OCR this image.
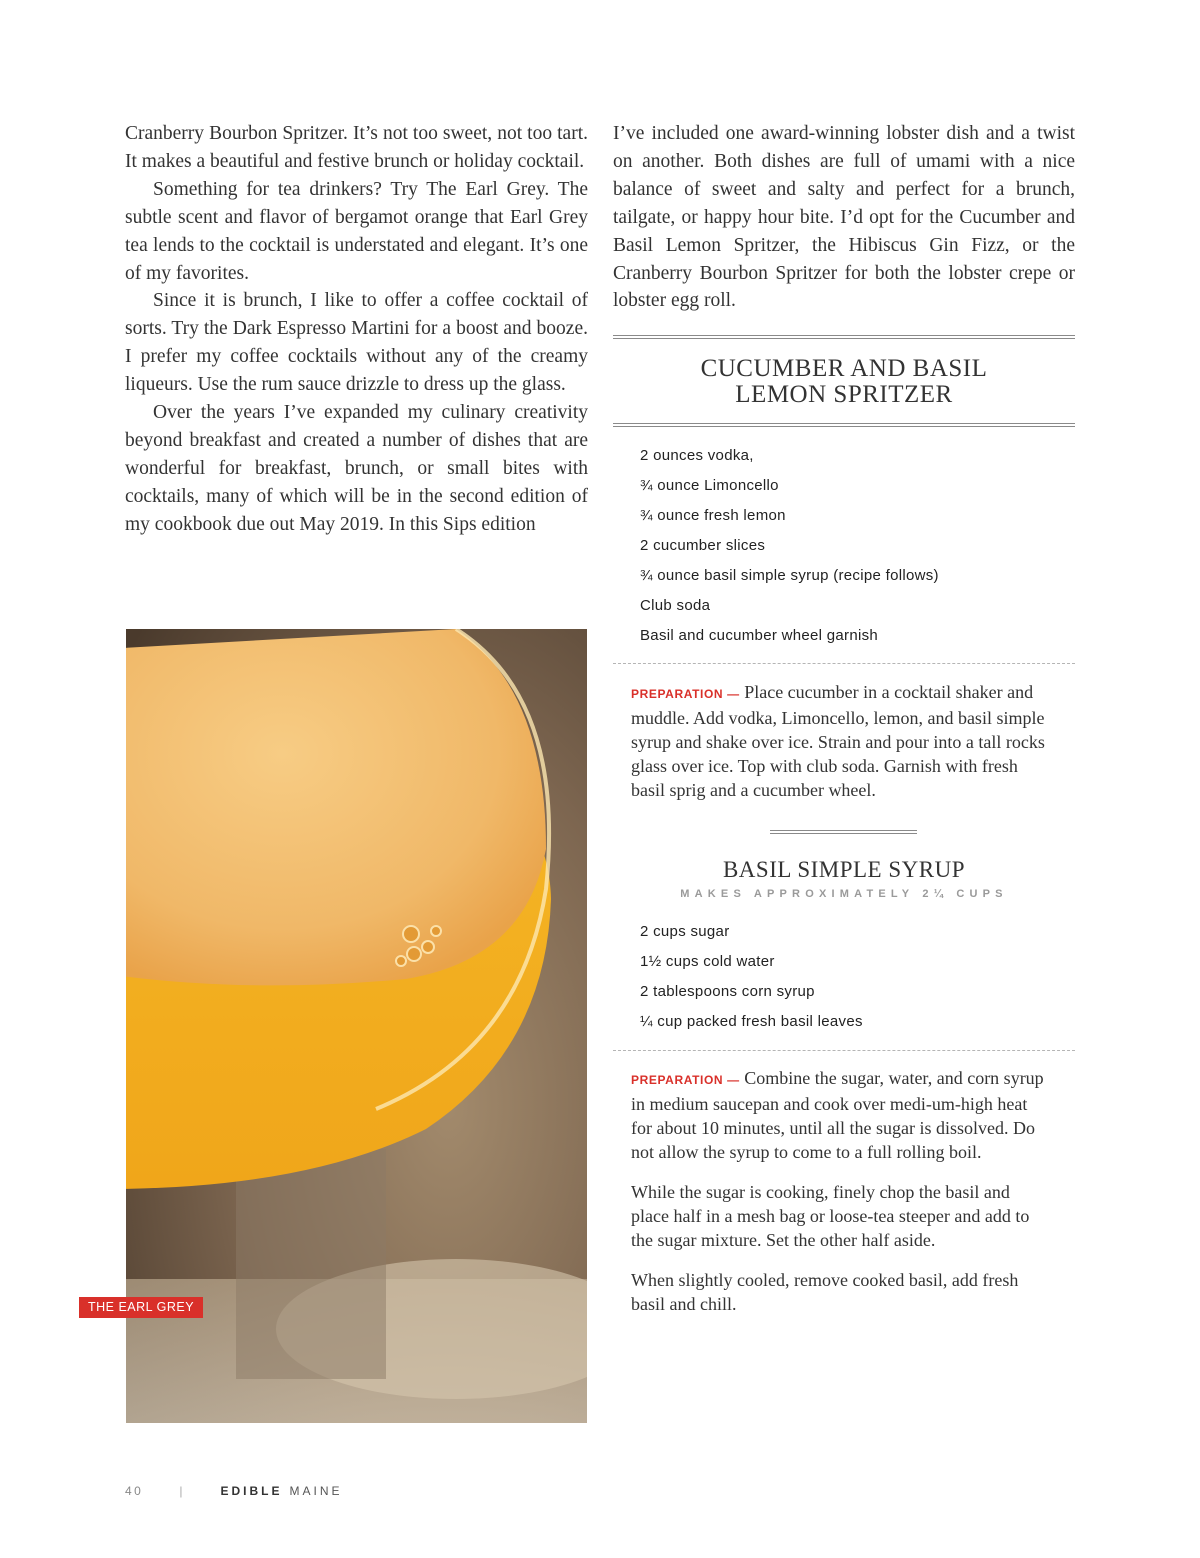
Cranberry Bourbon Spritzer. It’s not too sweet, not too tart. It makes a beautiful and festive brunch or holiday cocktail.

Something for tea drinkers? Try The Earl Grey. The subtle scent and flavor of bergamot orange that Earl Grey tea lends to the cocktail is understated and elegant. It’s one of my favorites.

Since it is brunch, I like to offer a coffee cocktail of sorts. Try the Dark Espresso Martini for a boost and booze. I prefer my coffee cocktails without any of the creamy liqueurs. Use the rum sauce drizzle to dress up the glass.

Over the years I’ve expanded my culinary creativity beyond breakfast and created a number of dishes that are wonderful for breakfast, brunch, or small bites with cocktails, many of which will be in the second edition of my cookbook due out May 2019. In this Sips edition

THE EARL GREY

I’ve included one award-winning lobster dish and a twist on another. Both dishes are full of umami with a nice balance of sweet and salty and perfect for a brunch, tailgate, or happy hour bite. I’d opt for the Cucumber and Basil Lemon Spritzer, the Hibiscus Gin Fizz, or the Cranberry Bourbon Spritzer for both the lobster crepe or lobster egg roll.

CUCUMBER AND BASIL
LEMON SPRITZER
2 ounces vodka,
¾ ounce Limoncello
¾ ounce fresh lemon
2 cucumber slices
¾ ounce basil simple syrup (recipe follows)
Club soda
Basil and cucumber wheel garnish

PREPARATION — Place cucumber in a cocktail shaker and muddle. Add vodka, Limoncello, lemon, and basil simple syrup and shake over ice. Strain and pour into a tall rocks glass over ice. Top with club soda. Garnish with fresh basil sprig and a cucumber wheel.

BASIL SIMPLE SYRUP
MAKES APPROXIMATELY 2¼ CUPS
2 cups sugar
1½ cups cold water
2 tablespoons corn syrup
¼ cup packed fresh basil leaves

PREPARATION — Combine the sugar, water, and corn syrup in medium saucepan and cook over medi-um-high heat for about 10 minutes, until all the sugar is dissolved. Do not allow the syrup to come to a full rolling boil.

While the sugar is cooking, finely chop the basil and place half in a mesh bag or loose-tea steeper and add to the sugar mixture. Set the other half aside.

When slightly cooled, remove cooked basil, add fresh basil and chill.

40	|	EDIBLE MAINE
